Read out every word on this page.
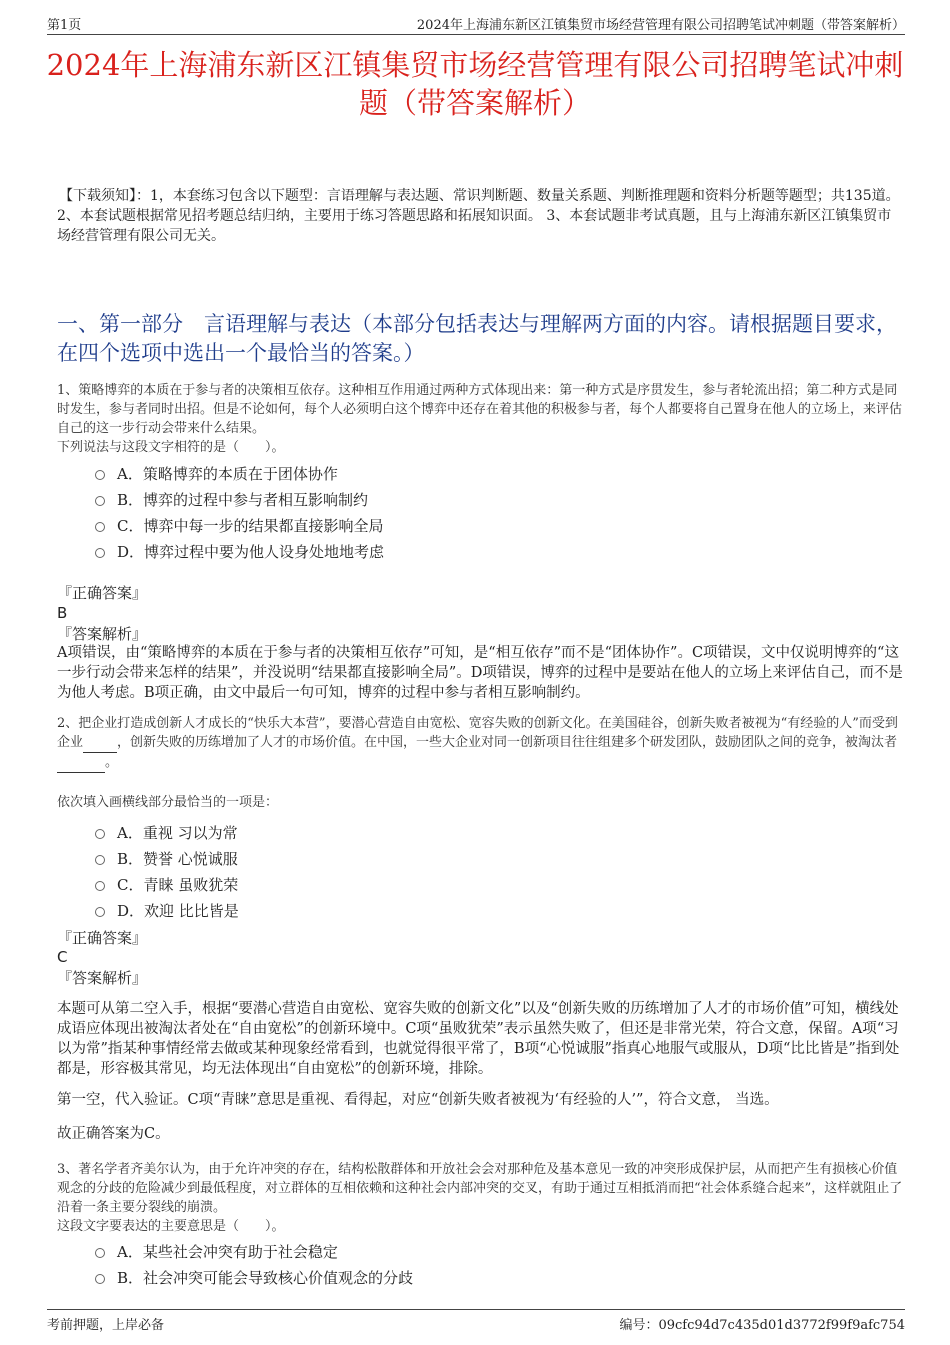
第1页	2024年上海浦东新区江镇集贸市场经营管理有限公司招聘笔试冲刺题（带答案解析）
2024年上海浦东新区江镇集贸市场经营管理有限公司招聘笔试冲刺题（带答案解析）
【下载须知】：1，本套练习包含以下题型：言语理解与表达题、常识判断题、数量关系题、判断推理题和资料分析题等题型；共135道。 2、本套试题根据常见招考题总结归纳，主要用于练习答题思路和拓展知识面。 3、本套试题非考试真题，且与上海浦东新区江镇集贸市场经营管理有限公司无关。
一、第一部分　言语理解与表达（本部分包括表达与理解两方面的内容。请根据题目要求，在四个选项中选出一个最恰当的答案。）
1、策略博弈的本质在于参与者的决策相互依存。这种相互作用通过两种方式体现出来：第一种方式是序贯发生，参与者轮流出招；第二种方式是同时发生，参与者同时出招。但是不论如何，每个人必须明白这个博弈中还存在着其他的积极参与者，每个人都要将自己置身在他人的立场上，来评估自己的这一步行动会带来什么结果。
下列说法与这段文字相符的是（　　）。
A．策略博弈的本质在于团体协作
B．博弈的过程中参与者相互影响制约
C．博弈中每一步的结果都直接影响全局
D．博弈过程中要为他人设身处地地考虑
『正确答案』
B
『答案解析』
A项错误，由“策略博弈的本质在于参与者的决策相互依存”可知，是“相互依存”而不是“团体协作”。C项错误，文中仅说明博弈的“这一步行动会带来怎样的结果”，并没说明“结果都直接影响全局”。D项错误，博弈的过程中是要站在他人的立场上来评估自己，而不是为他人考虑。B项正确，由文中最后一句可知，博弈的过程中参与者相互影响制约。
2、把企业打造成创新人才成长的“快乐大本营”，要潜心营造自由宽松、宽容失败的创新文化。在美国硅谷，创新失败者被视为“有经验的人”而受到企业	，创新失败的历练增加了人才的市场价值。在中国，一些大企业对同一创新项目往往组建多个研发团队，鼓励团队之间的竞争，被淘汰者 。
依次填入画横线部分最恰当的一项是：
A．重视 习以为常
B．赞誉 心悦诚服
C．青睐 虽败犹荣
D．欢迎 比比皆是
『正确答案』
C
『答案解析』
本题可从第二空入手，根据“要潜心营造自由宽松、宽容失败的创新文化”以及“创新失败的历练增加了人才的市场价值”可知，横线处成语应体现出被淘汰者处在“自由宽松”的创新环境中。C项“虽败犹荣”表示虽然失败了，但还是非常光荣，符合文意，保留。A项“习以为常”指某种事情经常去做或某种现象经常看到，也就觉得很平常了，B项“心悦诚服”指真心地服气或服从，D项“比比皆是”指到处都是，形容极其常见，均无法体现出“自由宽松”的创新环境，排除。
第一空，代入验证。C项“青睐”意思是重视、看得起，对应“创新失败者被视为‘有经验的人’”，符合文意， 当选。
故正确答案为C。
3、著名学者齐美尔认为，由于允许冲突的存在，结构松散群体和开放社会会对那种危及基本意见一致的冲突形成保护层，从而把产生有损核心价值观念的分歧的危险减少到最低程度，对立群体的互相依赖和这种社会内部冲突的交叉，有助于通过互相抵消而把“社会体系缝合起来”，这样就阻止了沿着一条主要分裂线的崩溃。
这段文字要表达的主要意思是（　　）。
A．某些社会冲突有助于社会稳定
B．社会冲突可能会导致核心价值观念的分歧
考前押题，上岸必备	编号：09cfc94d7c435d01d3772f99f9afc754
